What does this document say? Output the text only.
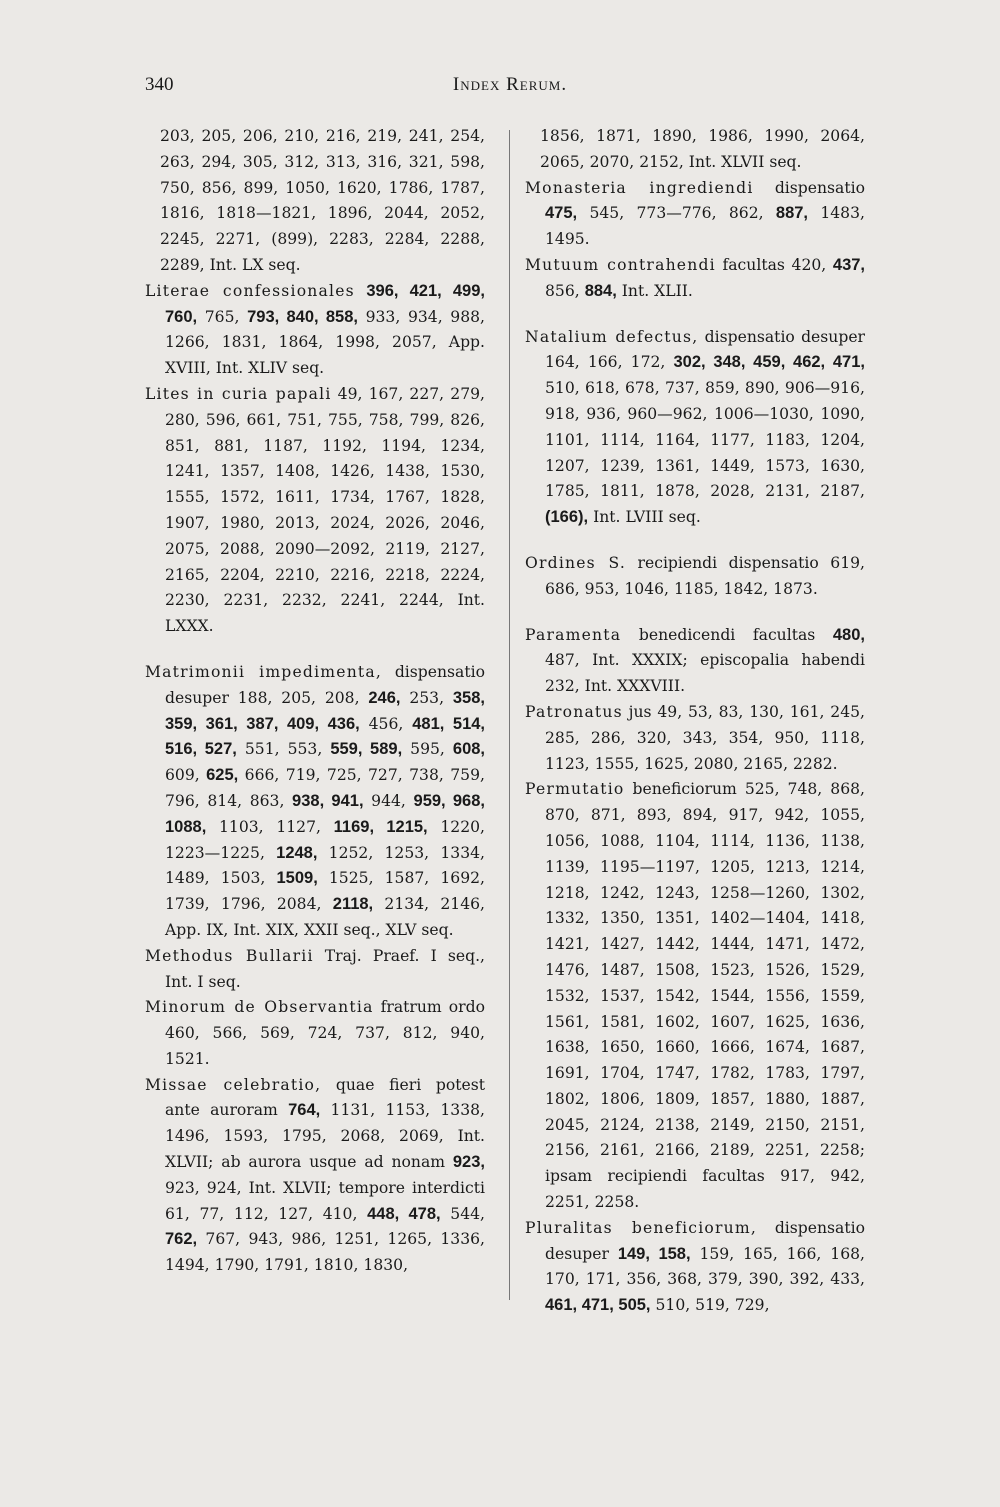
340	Index Rerum.

203, 205, 206, 210, 216, 219, 241, 254, 263, 294, 305, 312, 313, 316, 321, 598, 750, 856, 899, 1050, 1620, 1786, 1787, 1816, 1818—1821, 1896, 2044, 2052, 2245, 2271, (899), 2283, 2284, 2288, 2289, Int. LX seq.

Literae confessionales 396, 421, 499, 760, 765, 793, 840, 858, 933, 934, 988, 1266, 1831, 1864, 1998, 2057, App. XVIII, Int. XLIV seq.

Lites in curia papali 49, 167, 227, 279, 280, 596, 661, 751, 755, 758, 799, 826, 851, 881, 1187, 1192, 1194, 1234, 1241, 1357, 1408, 1426, 1438, 1530, 1555, 1572, 1611, 1734, 1767, 1828, 1907, 1980, 2013, 2024, 2026, 2046, 2075, 2088, 2090—2092, 2119, 2127, 2165, 2204, 2210, 2216, 2218, 2224, 2230, 2231, 2232, 2241, 2244, Int. LXXX.

Matrimonii impedimenta, dispensatio desuper 188, 205, 208, 246, 253, 358, 359, 361, 387, 409, 436, 456, 481, 514, 516, 527, 551, 553, 559, 589, 595, 608, 609, 625, 666, 719, 725, 727, 738, 759, 796, 814, 863, 938, 941, 944, 959, 968, 1088, 1103, 1127, 1169, 1215, 1220, 1223—1225, 1248, 1252, 1253, 1334, 1489, 1503, 1509, 1525, 1587, 1692, 1739, 1796, 2084, 2118, 2134, 2146, App. IX, Int. XIX, XXII seq., XLV seq.

Methodus Bullarii Traj. Praef. I seq., Int. I seq.

Minorum de Observantia fratrum ordo 460, 566, 569, 724, 737, 812, 940, 1521.

Missae celebratio, quae fieri potest ante auroram 764, 1131, 1153, 1338, 1496, 1593, 1795, 2068, 2069, Int. XLVII; ab aurora usque ad nonam 923, 923, 924, Int. XLVII; tempore interdicti 61, 77, 112, 127, 410, 448, 478, 544, 762, 767, 943, 986, 1251, 1265, 1336, 1494, 1790, 1791, 1810, 1830,

1856, 1871, 1890, 1986, 1990, 2064, 2065, 2070, 2152, Int. XLVII seq.

Monasteria ingrediendi dispensatio 475, 545, 773—776, 862, 887, 1483, 1495.

Mutuum contrahendi facultas 420, 437, 856, 884, Int. XLII.

Natalium defectus, dispensatio desuper 164, 166, 172, 302, 348, 459, 462, 471, 510, 618, 678, 737, 859, 890, 906—916, 918, 936, 960—962, 1006—1030, 1090, 1101, 1114, 1164, 1177, 1183, 1204, 1207, 1239, 1361, 1449, 1573, 1630, 1785, 1811, 1878, 2028, 2131, 2187, (166), Int. LVIII seq.

Ordines S. recipiendi dispensatio 619, 686, 953, 1046, 1185, 1842, 1873.

Paramenta benedicendi facultas 480, 487, Int. XXXIX; episcopalia habendi 232, Int. XXXVIII.

Patronatus jus 49, 53, 83, 130, 161, 245, 285, 286, 320, 343, 354, 950, 1118, 1123, 1555, 1625, 2080, 2165, 2282.

Permutatio beneficiorum 525, 748, 868, 870, 871, 893, 894, 917, 942, 1055, 1056, 1088, 1104, 1114, 1136, 1138, 1139, 1195—1197, 1205, 1213, 1214, 1218, 1242, 1243, 1258—1260, 1302, 1332, 1350, 1351, 1402—1404, 1418, 1421, 1427, 1442, 1444, 1471, 1472, 1476, 1487, 1508, 1523, 1526, 1529, 1532, 1537, 1542, 1544, 1556, 1559, 1561, 1581, 1602, 1607, 1625, 1636, 1638, 1650, 1660, 1666, 1674, 1687, 1691, 1704, 1747, 1782, 1783, 1797, 1802, 1806, 1809, 1857, 1880, 1887, 2045, 2124, 2138, 2149, 2150, 2151, 2156, 2161, 2166, 2189, 2251, 2258; ipsam recipiendi facultas 917, 942, 2251, 2258.

Pluralitas beneficiorum, dispensatio desuper 149, 158, 159, 165, 166, 168, 170, 171, 356, 368, 379, 390, 392, 433, 461, 471, 505, 510, 519, 729,
